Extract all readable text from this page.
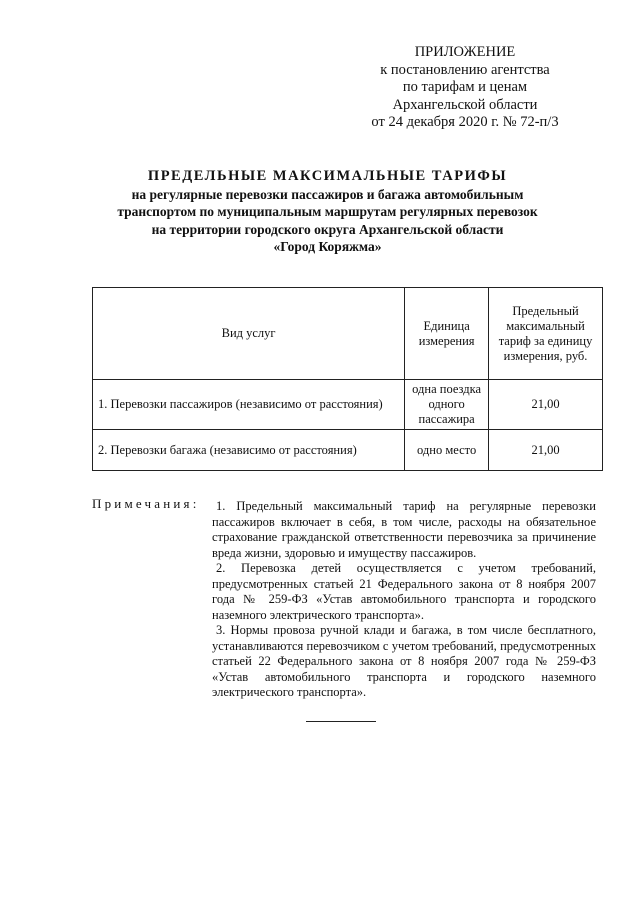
ПРИЛОЖЕНИЕ
к постановлению агентства
по тарифам и ценам
Архангельской области
от 24 декабря 2020 г. № 72-п/3
ПРЕДЕЛЬНЫЕ МАКСИМАЛЬНЫЕ ТАРИФЫ
на регулярные перевозки пассажиров и багажа автомобильным
транспортом по муниципальным маршрутам регулярных перевозок
на территории городского округа Архангельской области
«Город Коряжма»
Вид услуг	Единица измерения	Предельный максимальный тариф за единицу измерения, руб.
1. Перевозки пассажиров (независимо от расстояния)	одна поездка одного пассажира	21,00
2. Перевозки багажа (независимо от расстояния)	одно место	21,00
Примечания:	1. Предельный максимальный тариф на регулярные перевозки пассажиров включает в себя, в том числе, расходы на обязательное страхование гражданской ответственности перевозчика за причинение вреда жизни, здоровью и имуществу пассажиров.

2. Перевозка детей осуществляется с учетом требований, предусмотренных статьей 21 Федерального закона от 8 ноября 2007 года № 259-ФЗ «Устав автомобильного транспорта и городского наземного электрического транспорта».

3. Нормы провоза ручной клади и багажа, в том числе бесплатного, устанавливаются перевозчиком с учетом требований, предусмотренных статьей 22 Федерального закона от 8 ноября 2007 года № 259-ФЗ «Устав автомобильного транспорта и городского наземного электрического транспорта».
